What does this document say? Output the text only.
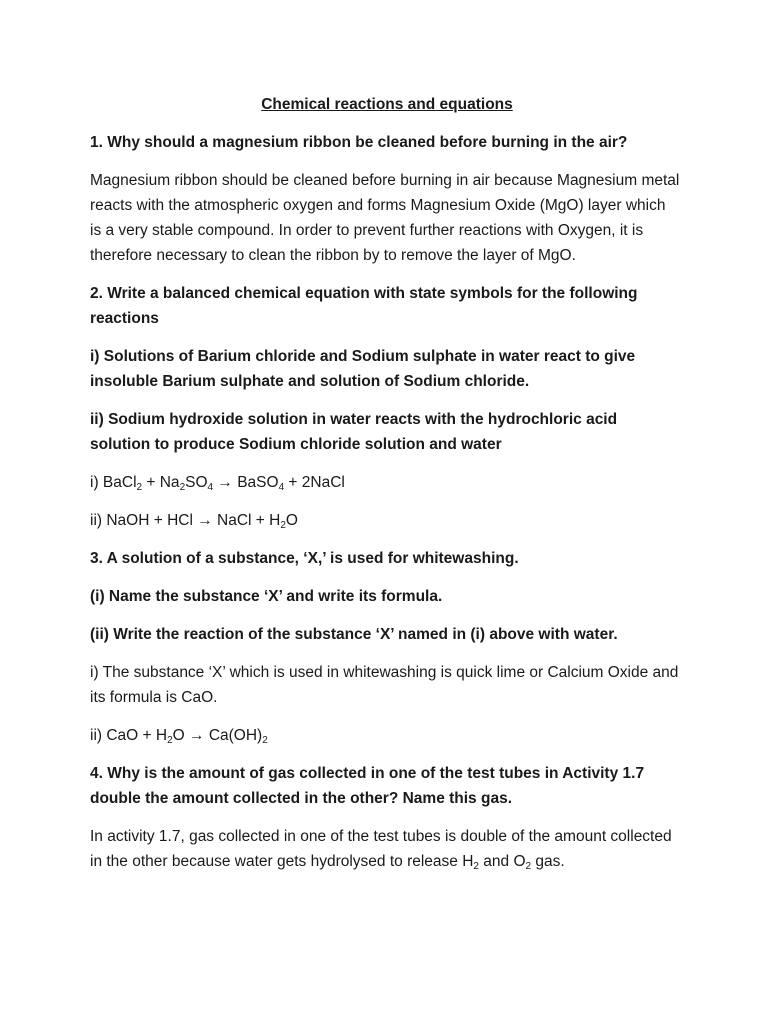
Chemical reactions and equations

1. Why should a magnesium ribbon be cleaned before burning in the air?

Magnesium ribbon should be cleaned before burning in air because Magnesium metal reacts with the atmospheric oxygen and forms Magnesium Oxide (MgO) layer which is a very stable compound. In order to prevent further reactions with Oxygen, it is therefore necessary to clean the ribbon by to remove the layer of MgO.

2. Write a balanced chemical equation with state symbols for the following reactions

i) Solutions of Barium chloride and Sodium sulphate in water react to give insoluble Barium sulphate and solution of Sodium chloride.

ii) Sodium hydroxide solution in water reacts with the hydrochloric acid solution to produce Sodium chloride solution and water

i) BaCl$_2$ + $Na_2SO_4$ → BaSO$_4$ + 2NaCl

ii) NaOH + HCl → NaCl + $H_2O$

3. A solution of a substance, ‘X,’ is used for whitewashing.

(i) Name the substance ‘X’ and write its formula.

(ii) Write the reaction of the substance ‘X’ named in (i) above with water.

i) The substance ‘X’ which is used in whitewashing is quick lime or Calcium Oxide and its formula is CaO.

ii) CaO + $H_2O \to Ca(OH)_2$

4. Why is the amount of gas collected in one of the test tubes in Activity 1.7 double the amount collected in the other? Name this gas.

In activity 1.7, gas collected in one of the test tubes is double of the amount collected in the other because water gets hydrolysed to release $H_2$ and $O_2$ gas.
